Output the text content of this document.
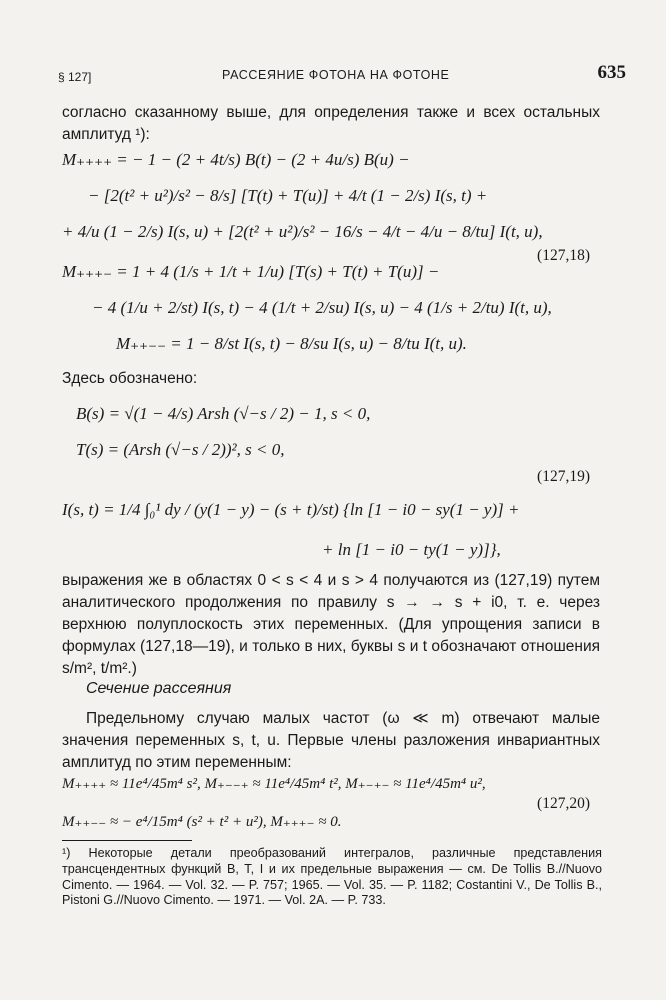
§ 127]	РАССЕЯНИЕ ФОТОНА НА ФОТОНЕ	635

согласно сказанному выше, для определения также и всех остальных амплитуд ¹):

M₊₊₊₊ = − 1 − (2 + 4t/s) B(t) − (2 + 4u/s) B(u) −
− [2(t² + u²)/s² − 8/s] [T(t) + T(u)] + 4/t (1 − 2/s) I(s, t) +
+ 4/u (1 − 2/s) I(s, u) + [2(t² + u²)/s² − 16/s − 4/t − 4/u − 8/tu] I(t, u),
(127,18)
M₊₊₊₋ = 1 + 4 (1/s + 1/t + 1/u) [T(s) + T(t) + T(u)] −
− 4 (1/u + 2/st) I(s, t) − 4 (1/t + 2/su) I(s, u) − 4 (1/s + 2/tu) I(t, u),
M₊₊₋₋ = 1 − 8/st I(s, t) − 8/su I(s, u) − 8/tu I(t, u).

Здесь обозначено:

B(s) = √(1 − 4/s) Arsh (√−s / 2) − 1, s < 0,
T(s) = (Arsh (√−s / 2))², s < 0,
(127,19)
I(s, t) = 1/4 ∫₀¹ dy / (y(1 − y) − (s + t)/st) {ln [1 − i0 − sy(1 − y)] +
+ ln [1 − i0 − ty(1 − y)]},

выражения же в областях 0 < s < 4 и s > 4 получаются из (127,19) путем аналитического продолжения по правилу s → → s + i0, т. е. через верхнюю полуплоскость этих переменных. (Для упрощения записи в формулах (127,18—19), и только в них, буквы s и t обозначают отношения s/m², t/m².)

Сечение рассеяния

Предельному случаю малых частот (ω ≪ m) отвечают малые значения переменных s, t, u. Первые члены разложения инвариантных амплитуд по этим переменным:

M₊₊₊₊ ≈ 11e⁴/45m⁴ s², M₊₋₋₊ ≈ 11e⁴/45m⁴ t², M₊₋₊₋ ≈ 11e⁴/45m⁴ u²,
(127,20)
M₊₊₋₋ ≈ − e⁴/15m⁴ (s² + t² + u²), M₊₊₊₋ ≈ 0.

¹) Некоторые детали преобразований интегралов, различные представления трансцендентных функций B, T, I и их предельные выражения — см. De Tollis B.//Nuovo Cimento. — 1964. — Vol. 32. — P. 757; 1965. — Vol. 35. — P. 1182; Costantini V., De Tollis B., Pistoni G.//Nuovo Cimento. — 1971. — Vol. 2A. — P. 733.
